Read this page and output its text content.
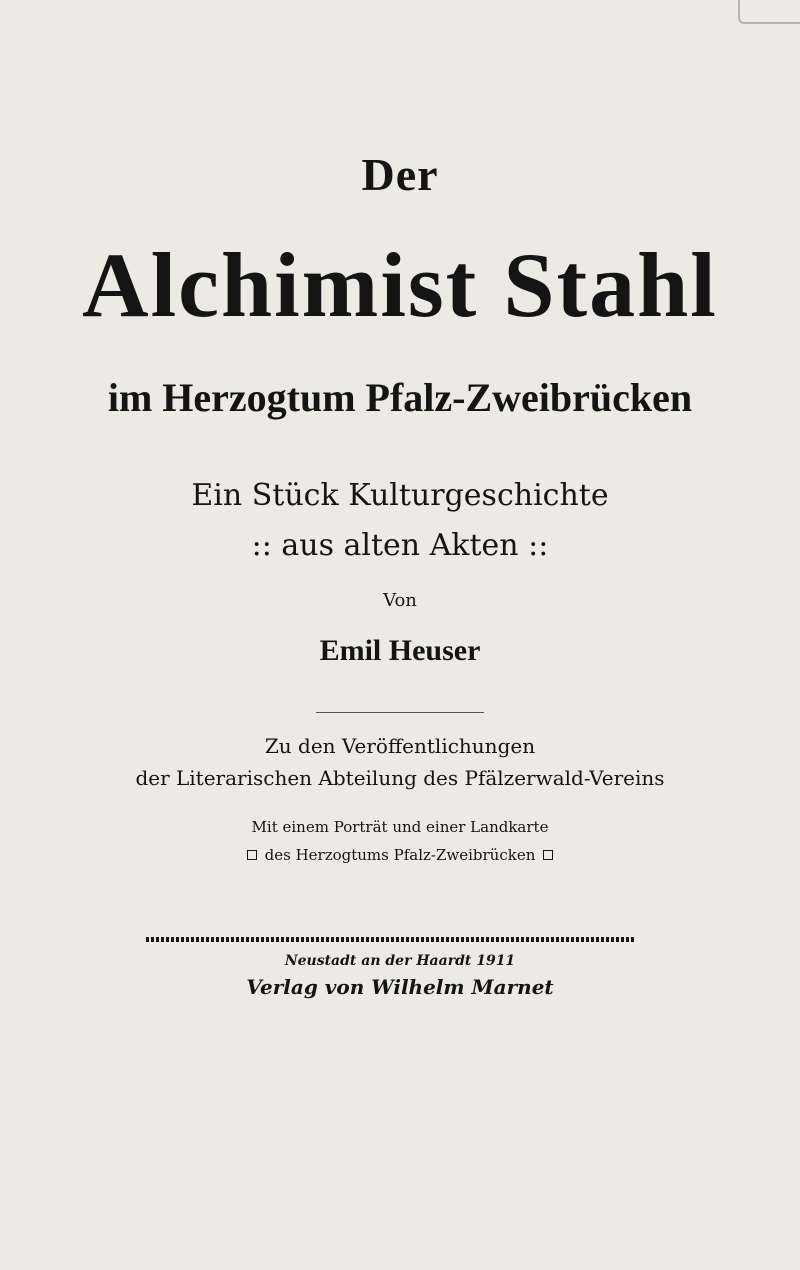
Der
Alchimist Stahl
im Herzogtum Pfalz-Zweibrücken
Ein Stück Kulturgeschichte
:: aus alten Akten ::
Von
Emil Heuser
Zu den Veröffentlichungen
der Literarischen Abteilung des Pfälzerwald-Vereins
Mit einem Porträt und einer Landkarte
des Herzogtums Pfalz-Zweibrücken
Neustadt an der Haardt 1911
Verlag von Wilhelm Marnet
